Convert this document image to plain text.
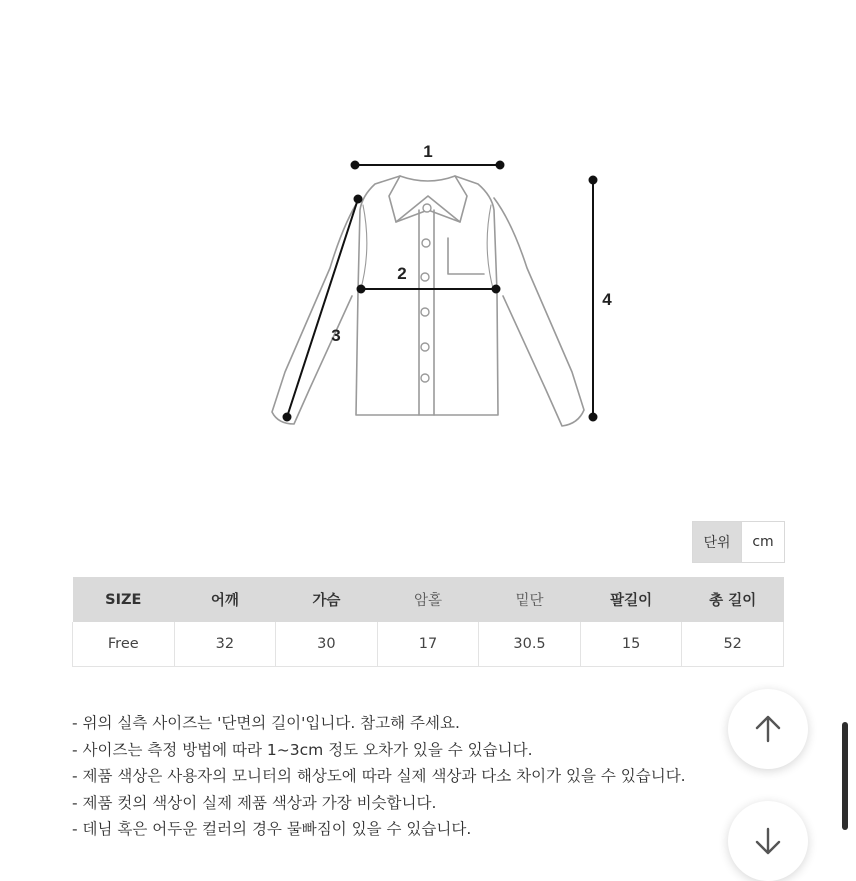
1
2
3
4
단위	cm
SIZE	어깨	가슴	암홀	밑단	팔길이	총 길이
Free	32	30	17	30.5	15	52
- 위의 실측 사이즈는 '단면의 길이'입니다. 참고해 주세요.
- 사이즈는 측정 방법에 따라 1~3cm 정도 오차가 있을 수 있습니다.
- 제품 색상은 사용자의 모니터의 해상도에 따라 실제 색상과 다소 차이가 있을 수 있습니다.
- 제품 컷의 색상이 실제 제품 색상과 가장 비슷합니다.
- 데님 혹은 어두운 컬러의 경우 물빠짐이 있을 수 있습니다.
